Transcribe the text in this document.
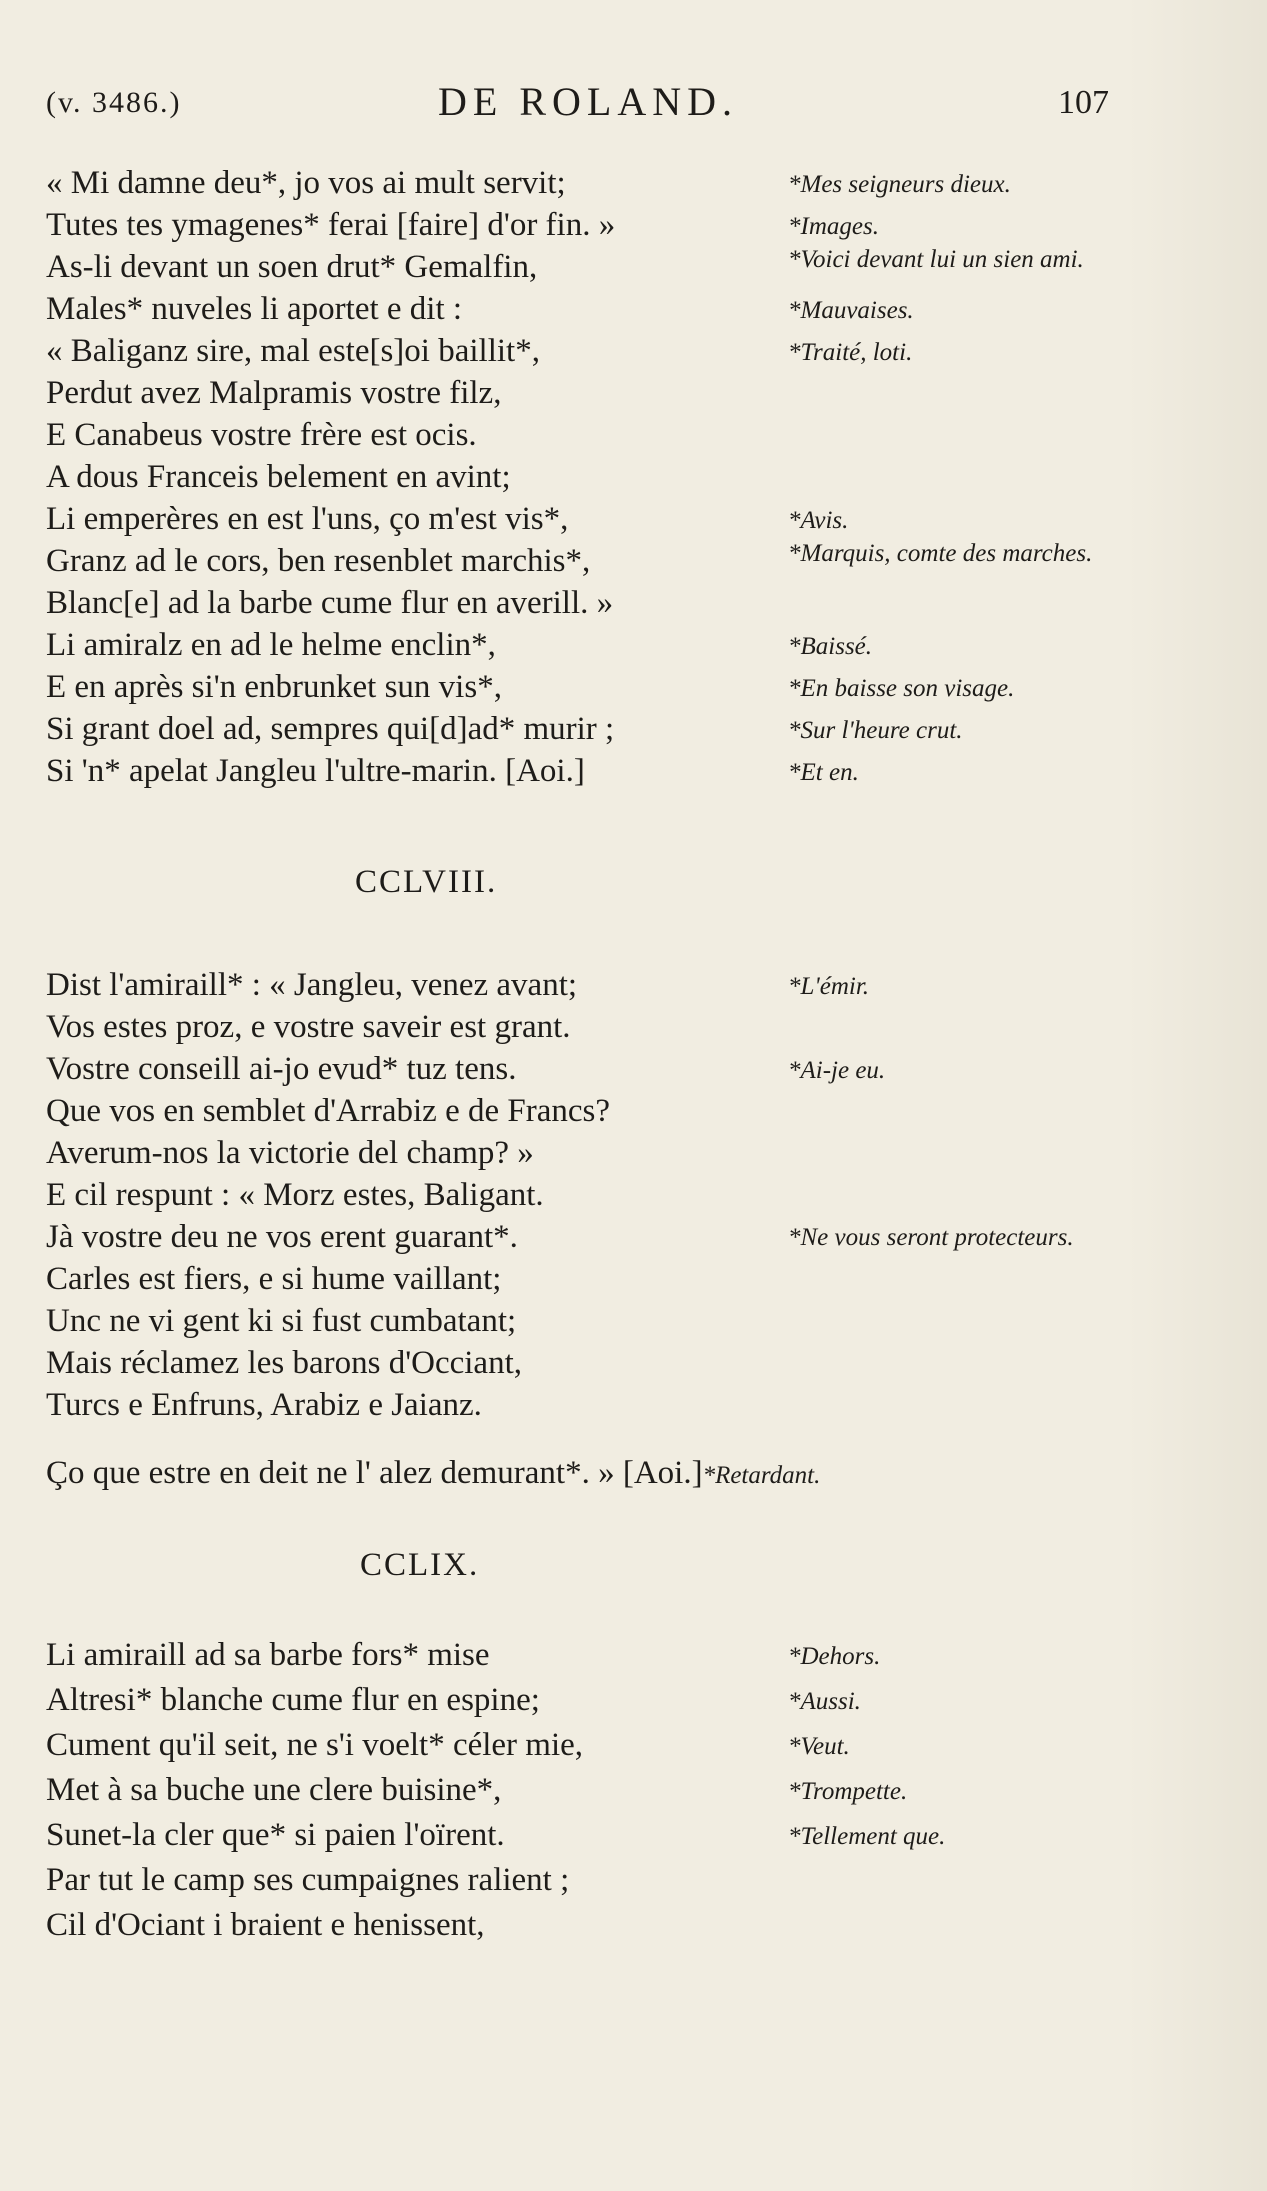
(v. 3486.)	DE ROLAND.	107
« Mi damne deu*, jo vos ai mult servit;
Tutes tes ymagenes* ferai [faire] d'or fin. »
As-li devant un soen drut* Gemalfin,
Males* nuveles li aportet e dit :
« Baliganz sire, mal este[s]oi baillit*,
Perdut avez Malpramis vostre filz,
E Canabeus vostre frère est ocis.
A dous Franceis belement en avint;
Li emperères en est l'uns, ço m'est vis*,
Granz ad le cors, ben resenblet marchis*,
Blanc[e] ad la barbe cume flur en averill. »
Li amiralz en ad le helme enclin*,
E en après si'n enbrunket sun vis*,
Si grant doel ad, sempres qui[d]ad* murir ;
Si 'n* apelat Jangleu l'ultre-marin. [Aoi.]
*Mes seigneurs dieux.
*Images.
*Voici devant lui un sien ami.
*Mauvaises.
*Traité, loti.
*Avis.
*Marquis, comte des marches.
*Baissé.
*En baisse son visage.
*Sur l'heure crut.
*Et en.
CCLVIII.
Dist l'amiraill* : « Jangleu, venez avant;
Vos estes proz, e vostre saveir est grant.
Vostre conseill ai-jo evud* tuz tens.
Que vos en semblet d'Arrabiz e de Francs?
Averum-nos la victorie del champ? »
E cil respunt : « Morz estes, Baligant.
Jà vostre deu ne vos erent guarant*.
Carles est fiers, e si hume vaillant;
Unc ne vi gent ki si fust cumbatant;
Mais réclamez les barons d'Occiant,
Turcs e Enfruns, Arabiz e Jaianz.
Ço que estre en deit ne l' alez demurant*. » [Aoi.]*Retardant.
*L'émir.
*Ai-je eu.
*Ne vous seront protecteurs.
CCLIX.
Li amiraill ad sa barbe fors* mise
Altresi* blanche cume flur en espine;
Cument qu'il seit, ne s'i voelt* céler mie,
Met à sa buche une clere buisine*,
Sunet-la cler que* si paien l'oïrent.
Par tut le camp ses cumpaignes ralient ;
Cil d'Ociant i braient e henissent,
*Dehors.
*Aussi.
*Veut.
*Trompette.
*Tellement que.
